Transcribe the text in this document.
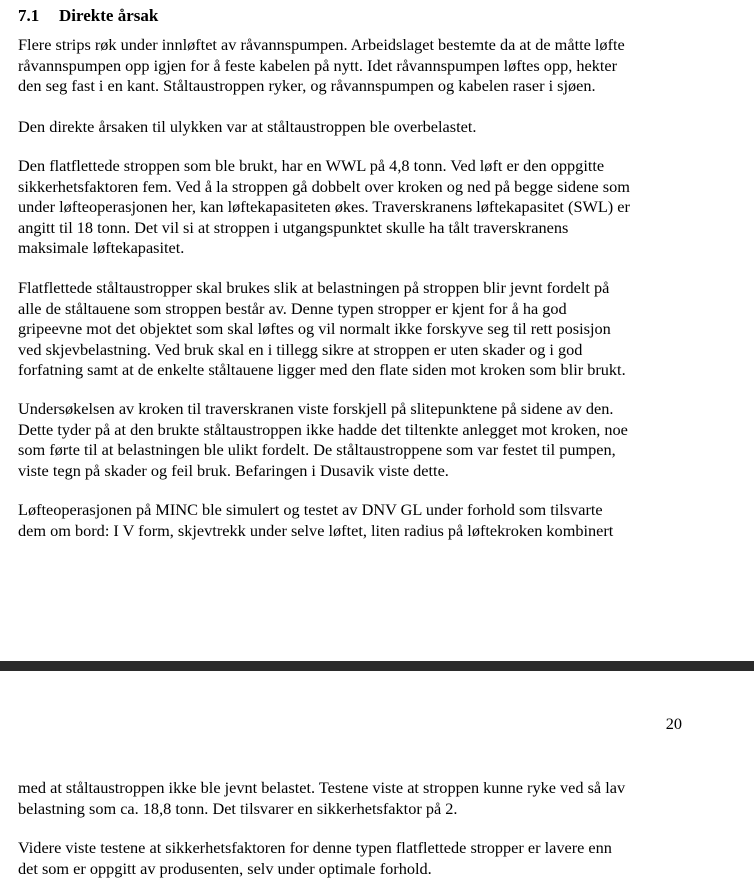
7.1 Direkte årsak

Flere strips røk under innløftet av råvannspumpen. Arbeidslaget bestemte da at de måtte løfte
råvannspumpen opp igjen for å feste kabelen på nytt. Idet råvannspumpen løftes opp, hekter
den seg fast i en kant. Ståltaustroppen ryker, og råvannspumpen og kabelen raser i sjøen.

Den direkte årsaken til ulykken var at ståltaustroppen ble overbelastet.

Den flatflettede stroppen som ble brukt, har en WWL på 4,8 tonn. Ved løft er den oppgitte
sikkerhetsfaktoren fem. Ved å la stroppen gå dobbelt over kroken og ned på begge sidene som
under løfteoperasjonen her, kan løftekapasiteten økes. Traverskranens løftekapasitet (SWL) er
angitt til 18 tonn. Det vil si at stroppen i utgangspunktet skulle ha tålt traverskranens
maksimale løftekapasitet.

Flatflettede ståltaustropper skal brukes slik at belastningen på stroppen blir jevnt fordelt på
alle de ståltauene som stroppen består av. Denne typen stropper er kjent for å ha god
gripeevne mot det objektet som skal løftes og vil normalt ikke forskyve seg til rett posisjon
ved skjevbelastning. Ved bruk skal en i tillegg sikre at stroppen er uten skader og i god
forfatning samt at de enkelte ståltauene ligger med den flate siden mot kroken som blir brukt.

Undersøkelsen av kroken til traverskranen viste forskjell på slitepunktene på sidene av den.
Dette tyder på at den brukte ståltaustroppen ikke hadde det tiltenkte anlegget mot kroken, noe
som førte til at belastningen ble ulikt fordelt. De ståltaustroppene som var festet til pumpen,
viste tegn på skader og feil bruk. Befaringen i Dusavik viste dette.

Løfteoperasjonen på MINC ble simulert og testet av DNV GL under forhold som tilsvarte
dem om bord: I V form, skjevtrekk under selve løftet, liten radius på løftekroken kombinert

20

med at ståltaustroppen ikke ble jevnt belastet. Testene viste at stroppen kunne ryke ved så lav
belastning som ca. 18,8 tonn. Det tilsvarer en sikkerhetsfaktor på 2.

Videre viste testene at sikkerhetsfaktoren for denne typen flatflettede stropper er lavere enn
det som er oppgitt av produsenten, selv under optimale forhold.
